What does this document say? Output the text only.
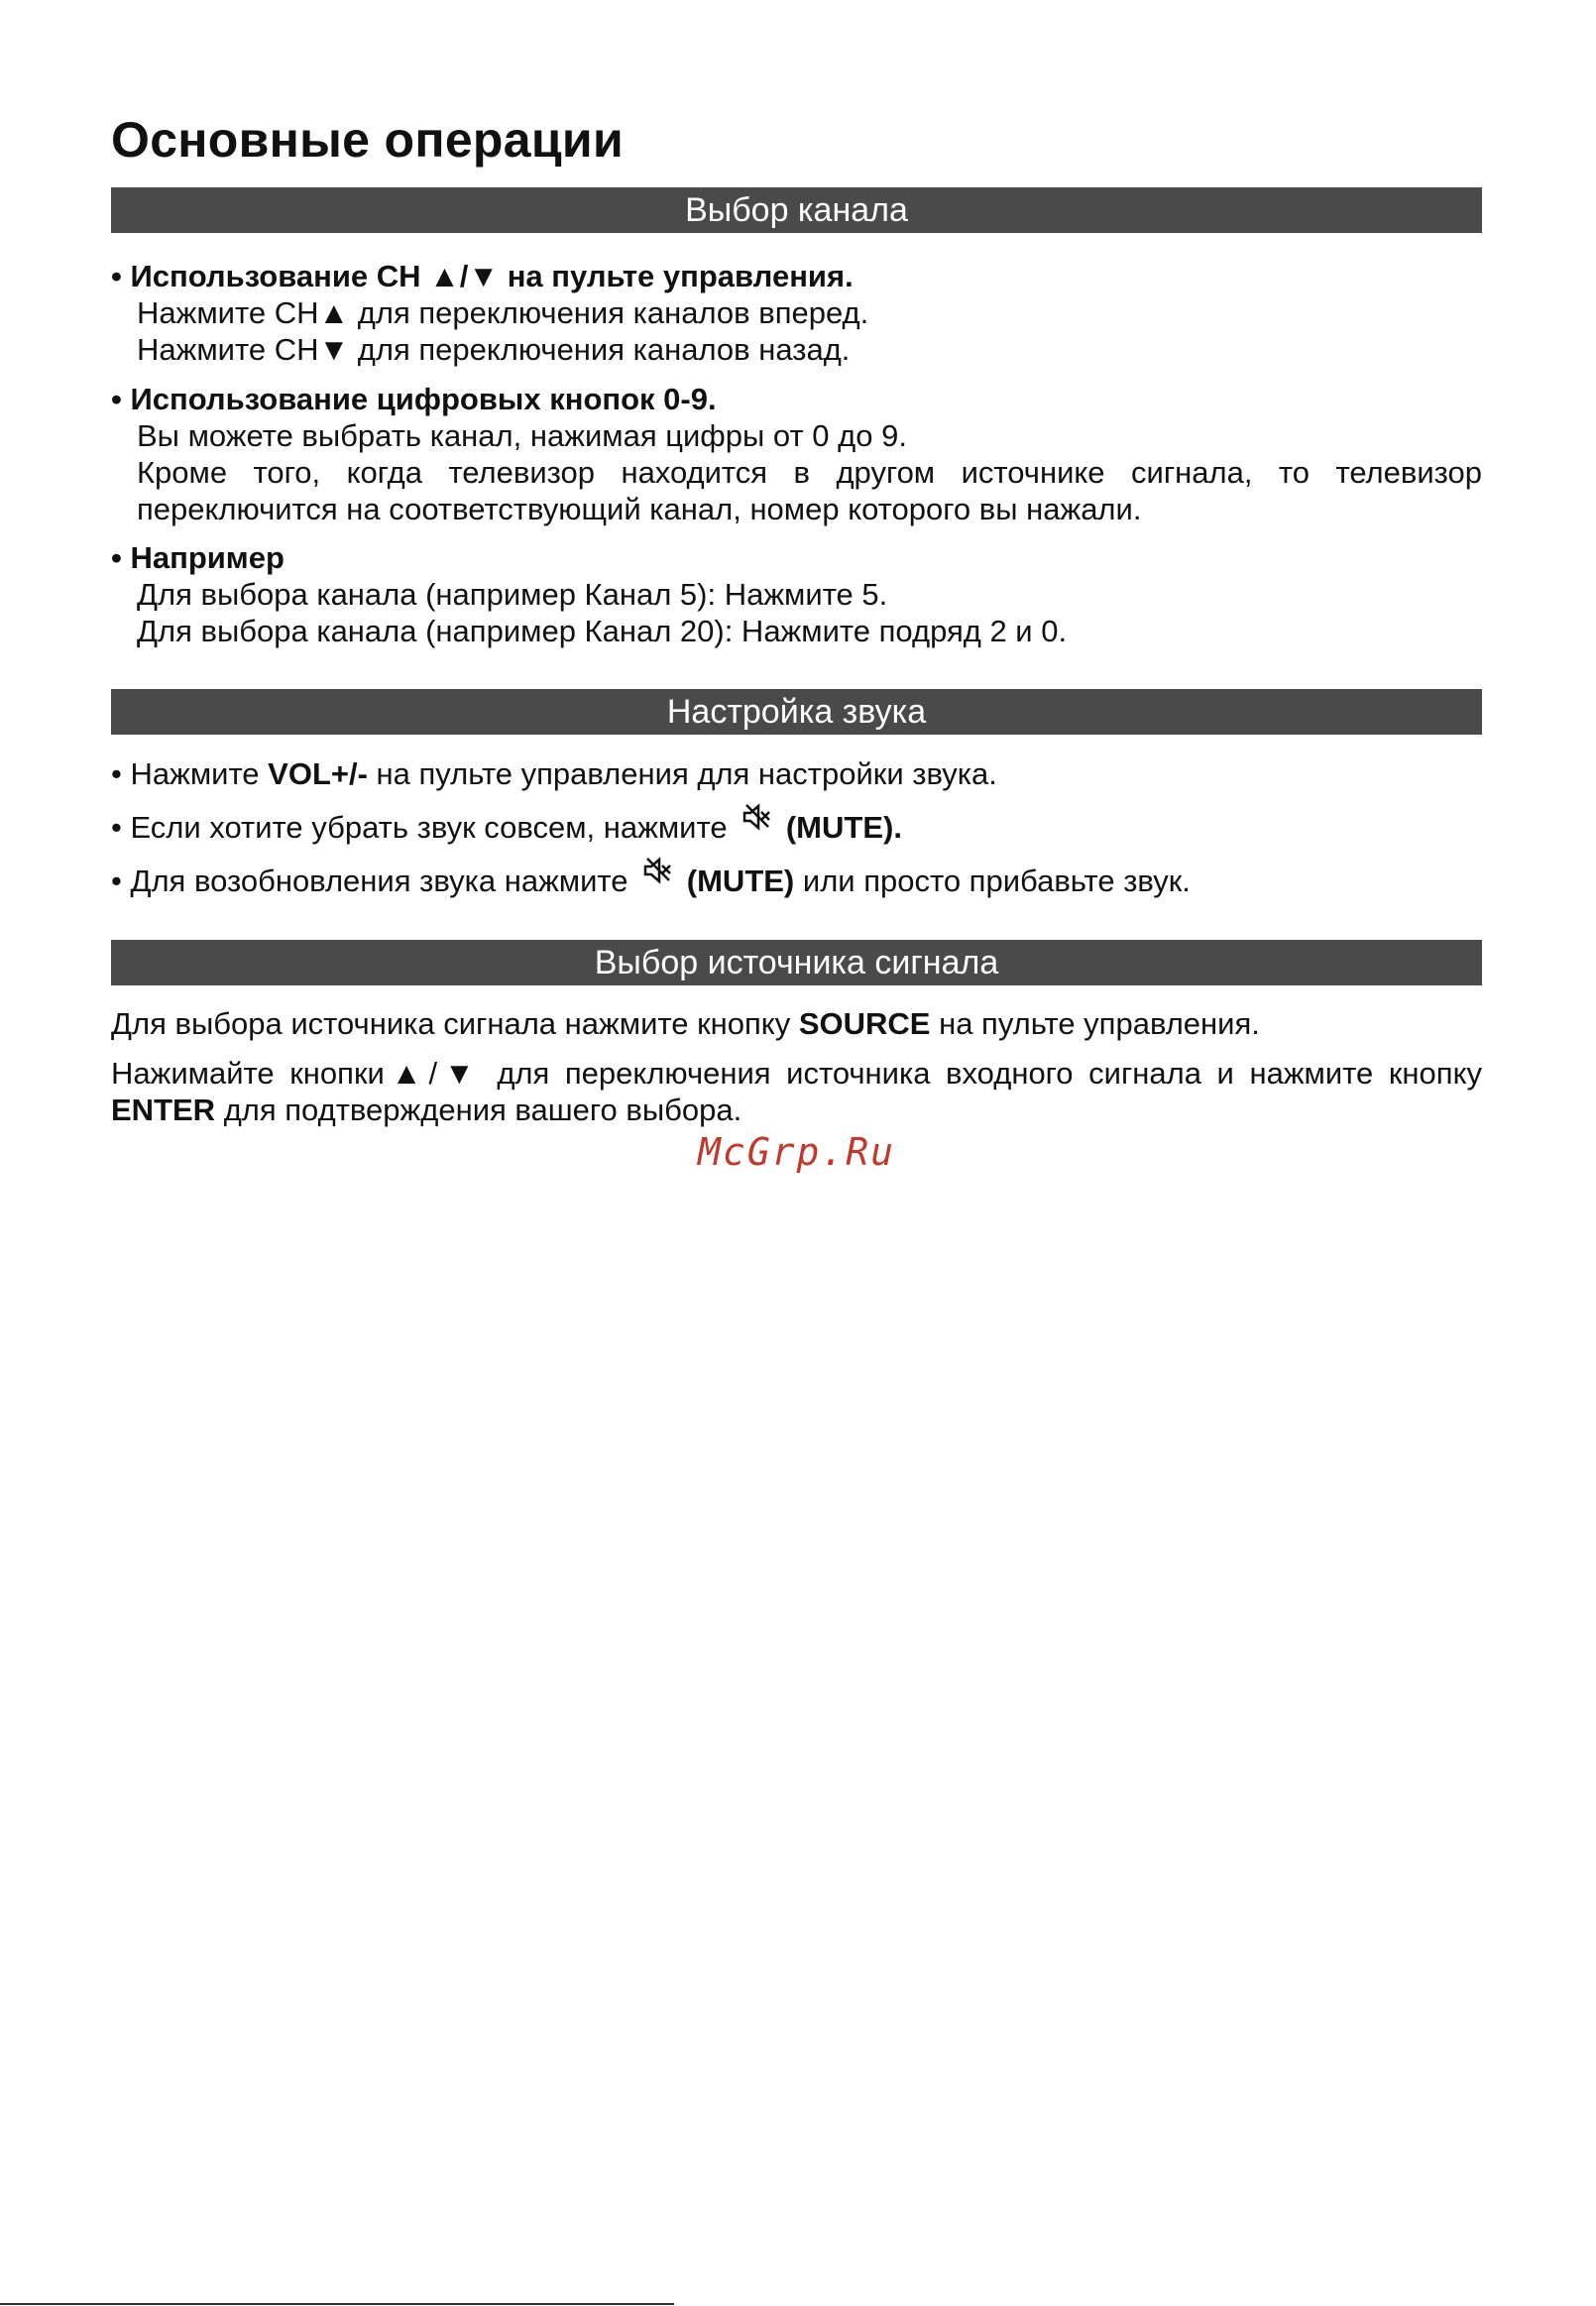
Основные операции
Выбор канала
• Использование CH ▲/▼ на пульте управления.
Нажмите CH▲ для переключения каналов вперед.
Нажмите CH▼ для переключения каналов назад.
• Использование цифровых кнопок 0-9.
Вы можете выбрать канал, нажимая цифры от 0 до 9.
Кроме того, когда телевизор находится в другом источнике сигнала, то телевизор переключится на соответствующий канал, номер которого вы нажали.
• Например
Для выбора канала (например Канал 5): Нажмите 5.
Для выбора канала (например Канал 20): Нажмите подряд 2 и 0.
Настройка звука
• Нажмите VOL+/- на пульте управления для настройки звука.
• Если хотите убрать звук совсем, нажмите (MUTE).
• Для возобновления звука нажмите (MUTE) или просто прибавьте звук.
Выбор источника сигнала
Для выбора источника сигнала нажмите кнопку SOURCE на пульте управления.
Нажимайте кнопки▲/▼ для переключения источника входного сигнала и нажмите кнопку ENTER для подтверждения вашего выбора.
McGrp.Ru
